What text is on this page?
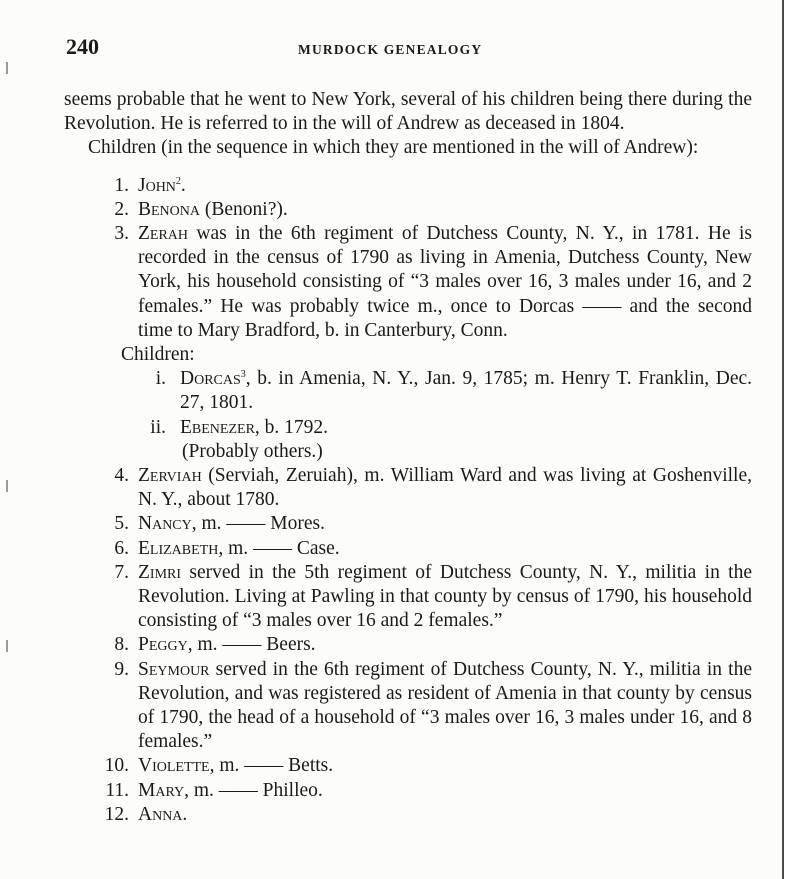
240	MURDOCK GENEALOGY

seems probable that he went to New York, several of his children being there during the Revolution. He is referred to in the will of Andrew as deceased in 1804.

Children (in the sequence in which they are mentioned in the will of Andrew):

1. John$^2$.
2. Benona (Benoni?).
3. Zerah was in the 6th regiment of Dutchess County, N. Y., in 1781. He is recorded in the census of 1790 as living in Amenia, Dutchess County, New York, his household consisting of “3 males over 16, 3 males under 16, and 2 females.” He was probably twice m., once to Dorcas —— and the second time to Mary Bradford, b. in Canterbury, Conn.
Children:
i. Dorcas$^3$, b. in Amenia, N. Y., Jan. 9, 1785; m. Henry T. Franklin, Dec. 27, 1801.
ii. Ebenezer, b. 1792.
(Probably others.)
4. Zerviah (Serviah, Zeruiah), m. William Ward and was living at Goshenville, N. Y., about 1780.
5. Nancy, m. —— Mores.
6. Elizabeth, m. —— Case.
7. Zimri served in the 5th regiment of Dutchess County, N. Y., militia in the Revolution. Living at Pawling in that county by census of 1790, his household consisting of “3 males over 16 and 2 females.”
8. Peggy, m. —— Beers.
9. Seymour served in the 6th regiment of Dutchess County, N. Y., militia in the Revolution, and was registered as resident of Amenia in that county by census of 1790, the head of a household of “3 males over 16, 3 males under 16, and 8 females.”
10. Violette, m. —— Betts.
11. Mary, m. —— Philleo.
12. Anna.
